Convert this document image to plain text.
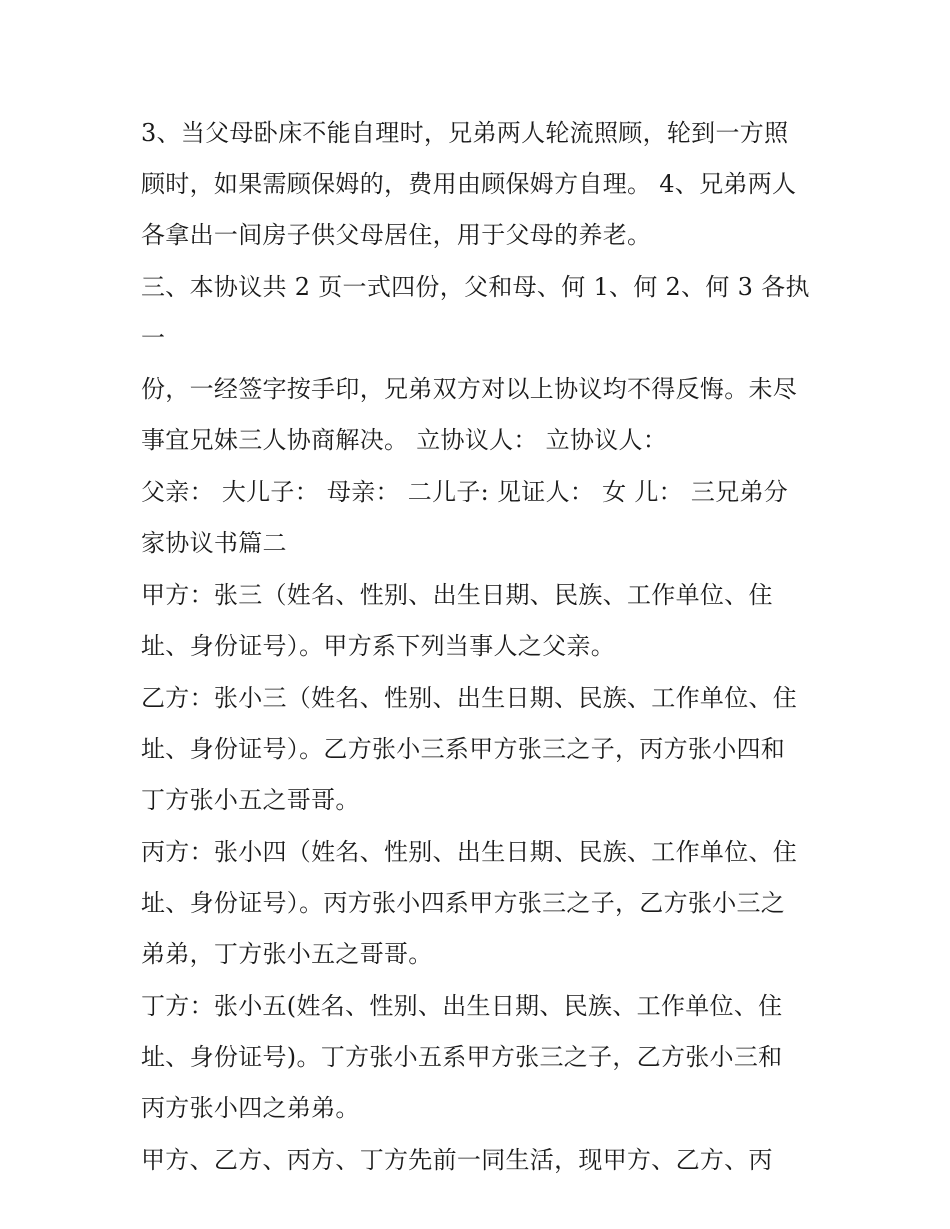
3、当父母卧床不能自理时，兄弟两人轮流照顾，轮到一方照
顾时，如果需顾保姆的，费用由顾保姆方自理。 4、兄弟两人
各拿出一间房子供父母居住，用于父母的养老。

三、本协议共 2 页一式四份，父和母、何 1、何 2、何 3 各执一
份，一经签字按手印，兄弟双方对以上协议均不得反悔。未尽
事宜兄妹三人协商解决。 立协议人： 立协议人：

父亲： 大儿子： 母亲： 二儿子: 见证人： 女 儿： 三兄弟分
家协议书篇二

甲方：张三（姓名、性别、出生日期、民族、工作单位、住
址、身份证号）。甲方系下列当事人之父亲。

乙方：张小三（姓名、性别、出生日期、民族、工作单位、住
址、身份证号）。乙方张小三系甲方张三之子，丙方张小四和
丁方张小五之哥哥。

丙方：张小四（姓名、性别、出生日期、民族、工作单位、住
址、身份证号）。丙方张小四系甲方张三之子，乙方张小三之
弟弟，丁方张小五之哥哥。

丁方：张小五(姓名、性别、出生日期、民族、工作单位、住
址、身份证号)。丁方张小五系甲方张三之子，乙方张小三和
丙方张小四之弟弟。

甲方、乙方、丙方、丁方先前一同生活，现甲方、乙方、丙
